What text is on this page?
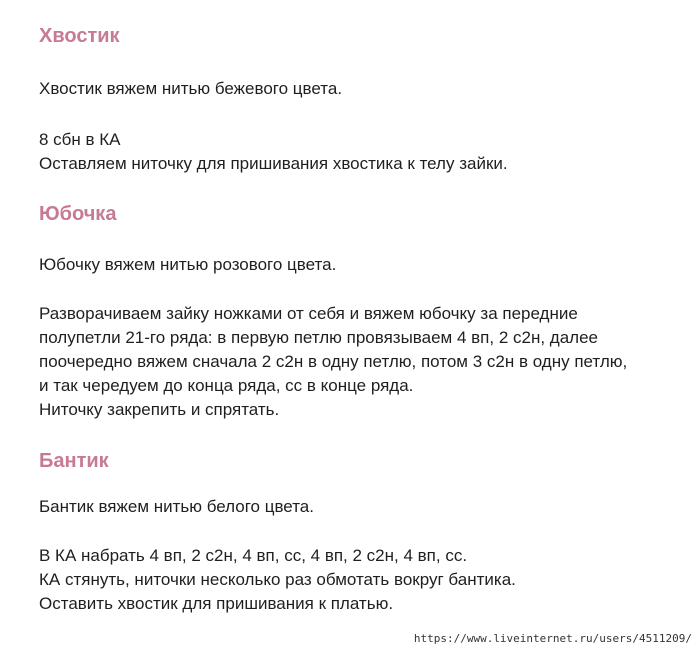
Хвостик

Хвостик вяжем нитью бежевого цвета.

8 сбн в КА
Оставляем ниточку для пришивания хвостика к телу зайки.

Юбочка

Юбочку вяжем нитью розового цвета.

Разворачиваем зайку ножками от себя и вяжем юбочку за передние
полупетли 21-го ряда: в первую петлю провязываем 4 вп, 2 с2н, далее
поочередно вяжем сначала 2 с2н в одну петлю, потом 3 с2н в одну петлю,
и так чередуем до конца ряда, сс в конце ряда.
Ниточку закрепить и спрятать.

Бантик

Бантик вяжем нитью белого цвета.

В КА набрать 4 вп, 2 с2н, 4 вп, сс, 4 вп, 2 с2н, 4 вп, сс.
КА стянуть, ниточки несколько раз обмотать вокруг бантика.
Оставить хвостик для пришивания к платью.

https://www.liveinternet.ru/users/4511209/
